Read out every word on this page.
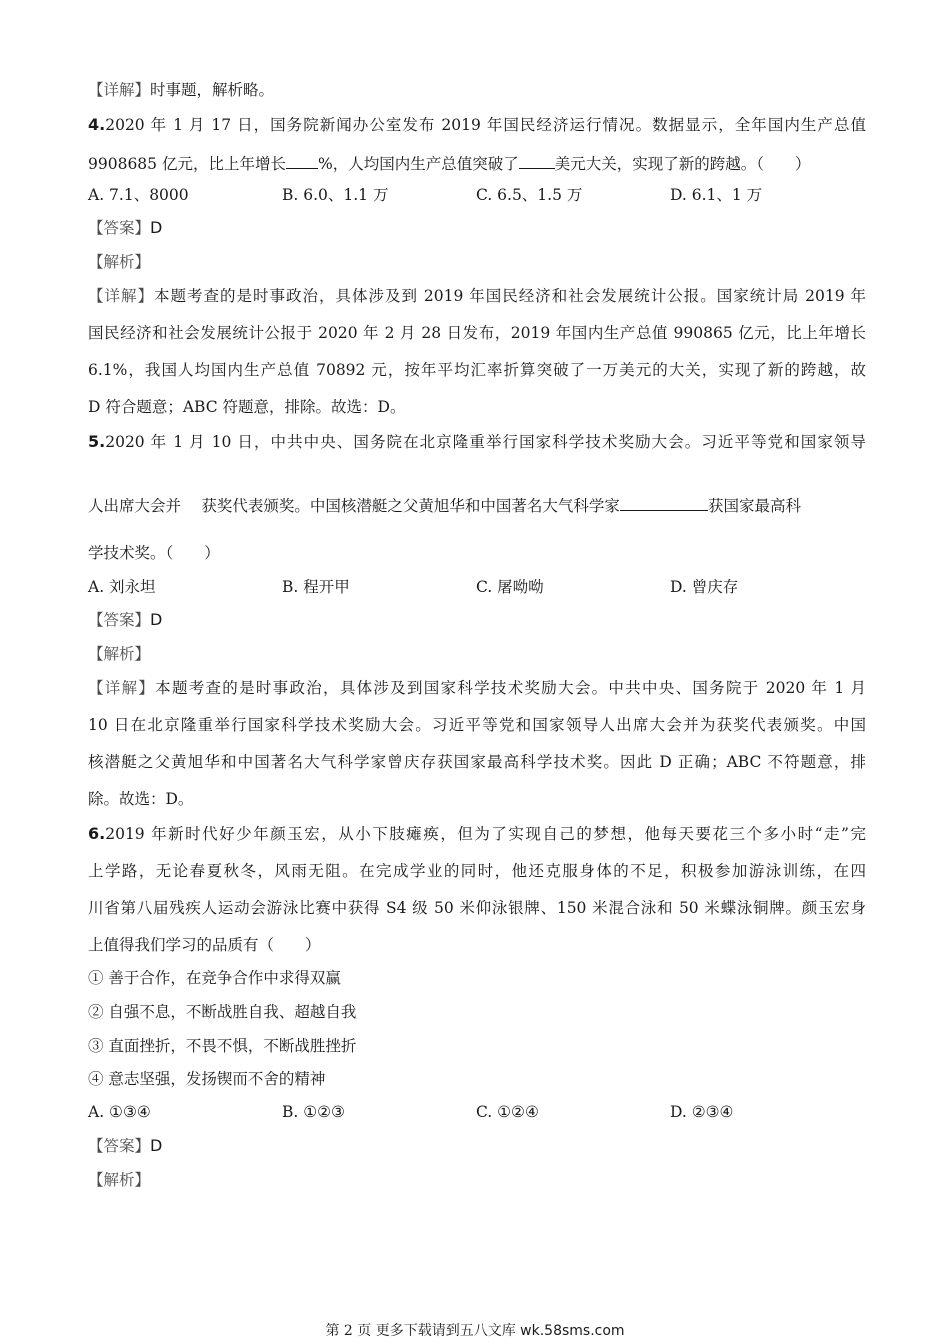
【详解】时事题，解析略。
4.2020 年 1 月 17 日，国务院新闻办公室发布 2019 年国民经济运行情况。数据显示，全年国内生产总值
9908685 亿元，比上年增长 %，人均国内生产总值突破了 美元大关，实现了新的跨越。（　　）
A. 7.1、8000	B. 6.0、1.1 万	C. 6.5、1.5 万	D. 6.1、1 万
【答案】D
【解析】
【详解】本题考查的是时事政治，具体涉及到 2019 年国民经济和社会发展统计公报。国家统计局 2019 年
国民经济和社会发展统计公报于 2020 年 2 月 28 日发布，2019 年国内生产总值 990865 亿元，比上年增长
6.1%，我国人均国内生产总值 70892 元，按年平均汇率折算突破了一万美元的大关，实现了新的跨越，故
D 符合题意；ABC 符题意，排除。故选：D。
5.2020 年 1 月 10 日，中共中央、国务院在北京隆重举行国家科学技术奖励大会。习近平等党和国家领导
人出席大会并　 获奖代表颁奖。中国核潜艇之父黄旭华和中国著名大气科学家	获国家最高科
学技术奖。（　　）
A. 刘永坦	B. 程开甲	C. 屠呦呦	D. 曾庆存
【答案】D
【解析】
【详解】本题考查的是时事政治，具体涉及到国家科学技术奖励大会。中共中央、国务院于 2020 年 1 月
10 日在北京隆重举行国家科学技术奖励大会。习近平等党和国家领导人出席大会并为获奖代表颁奖。中国
核潜艇之父黄旭华和中国著名大气科学家曾庆存获国家最高科学技术奖。因此 D 正确；ABC 不符题意，排
除。故选：D。
6.2019 年新时代好少年颜玉宏，从小下肢瘫痪，但为了实现自己的梦想，他每天要花三个多小时“走”完
上学路，无论春夏秋冬，风雨无阻。在完成学业的同时，他还克服身体的不足，积极参加游泳训练，在四
川省第八届残疾人运动会游泳比赛中获得 S4 级 50 米仰泳银牌、150 米混合泳和 50 米蝶泳铜牌。颜玉宏身
上值得我们学习的品质有（　　）
① 善于合作，在竞争合作中求得双赢
② 自强不息，不断战胜自我、超越自我
③ 直面挫折，不畏不惧，不断战胜挫折
④ 意志坚强，发扬锲而不舍的精神
A. ①③④	B. ①②③	C. ①②④	D. ②③④
【答案】D
【解析】
第 2 页 更多下载请到五八文库 wk.58sms.com
